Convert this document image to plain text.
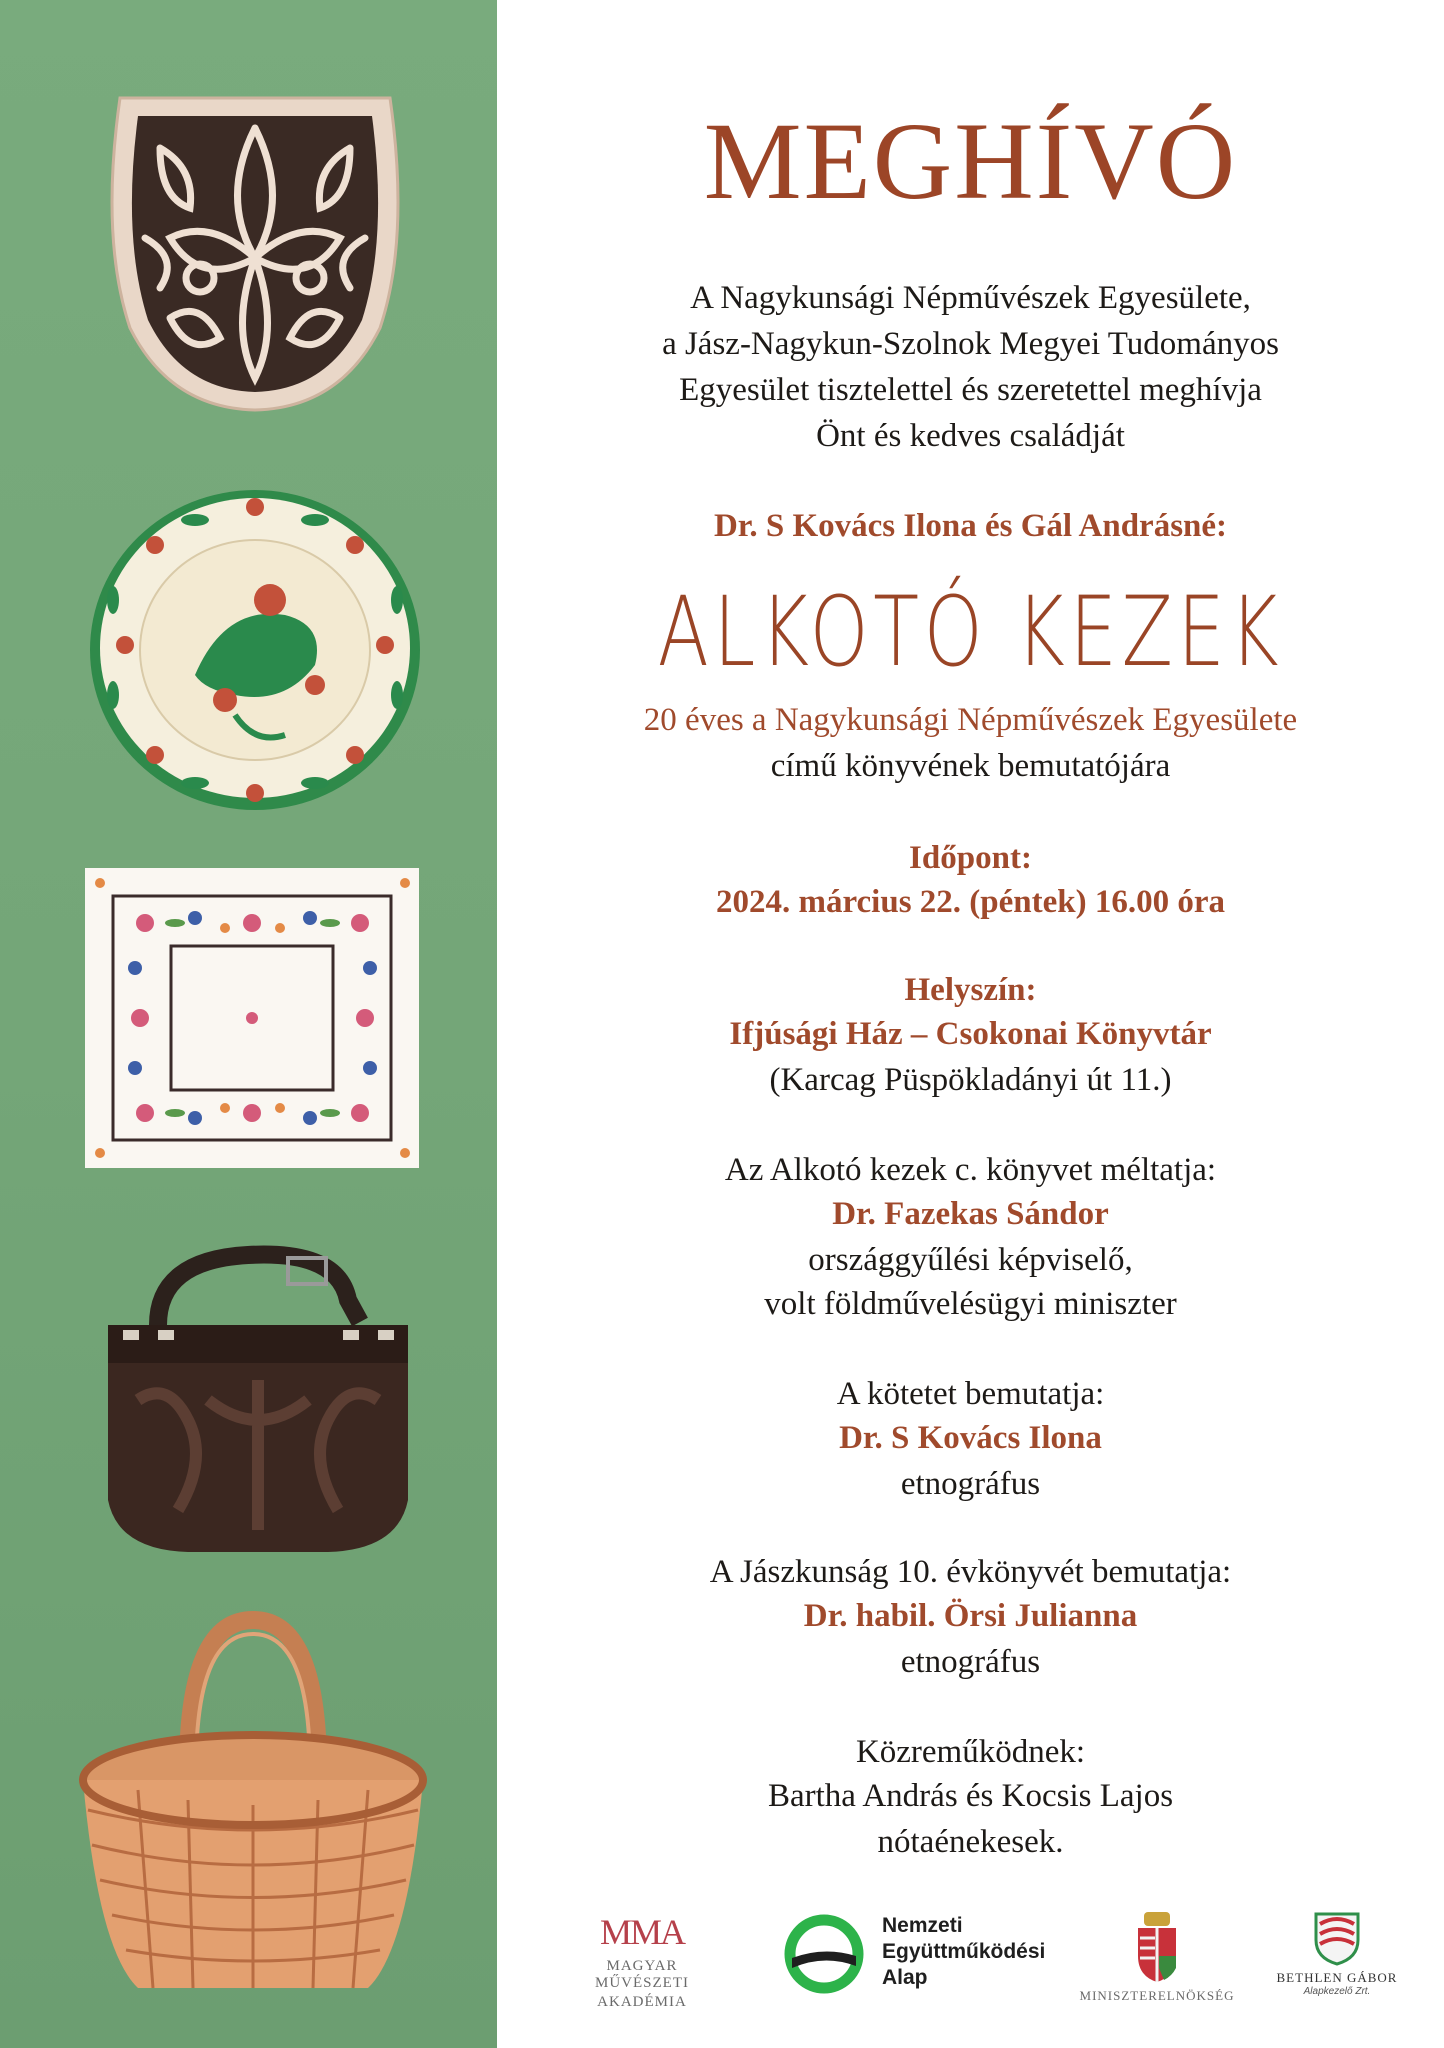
MEGHÍVÓ
A Nagykunsági Népművészek Egyesülete,
a Jász-Nagykun-Szolnok Megyei Tudományos
Egyesület tisztelettel és szeretettel meghívja
Önt és kedves családját
Dr. S Kovács Ilona és Gál Andrásné:
ALKOTÓ KEZEK
20 éves a Nagykunsági Népművészek Egyesülete
című könyvének bemutatójára
Időpont:
2024. március 22. (péntek) 16.00 óra
Helyszín:
Ifjúsági Ház – Csokonai Könyvtár
(Karcag Püspökladányi út 11.)
Az Alkotó kezek c. könyvet méltatja:
Dr. Fazekas Sándor
országgyűlési képviselő,
volt földművelésügyi miniszter
A kötetet bemutatja:
Dr. S Kovács Ilona
etnográfus
A Jászkunság 10. évkönyvét bemutatja:
Dr. habil. Örsi Julianna
etnográfus
Közreműködnek:
Bartha András és Kocsis Lajos
nótaénekesek.
MMA
MAGYAR MŰVÉSZETI
AKADÉMIA
Nemzeti
Együttműködési
Alap
MINISZTERELNÖKSÉG
BETHLEN GÁBOR
Alapkezelő Zrt.
